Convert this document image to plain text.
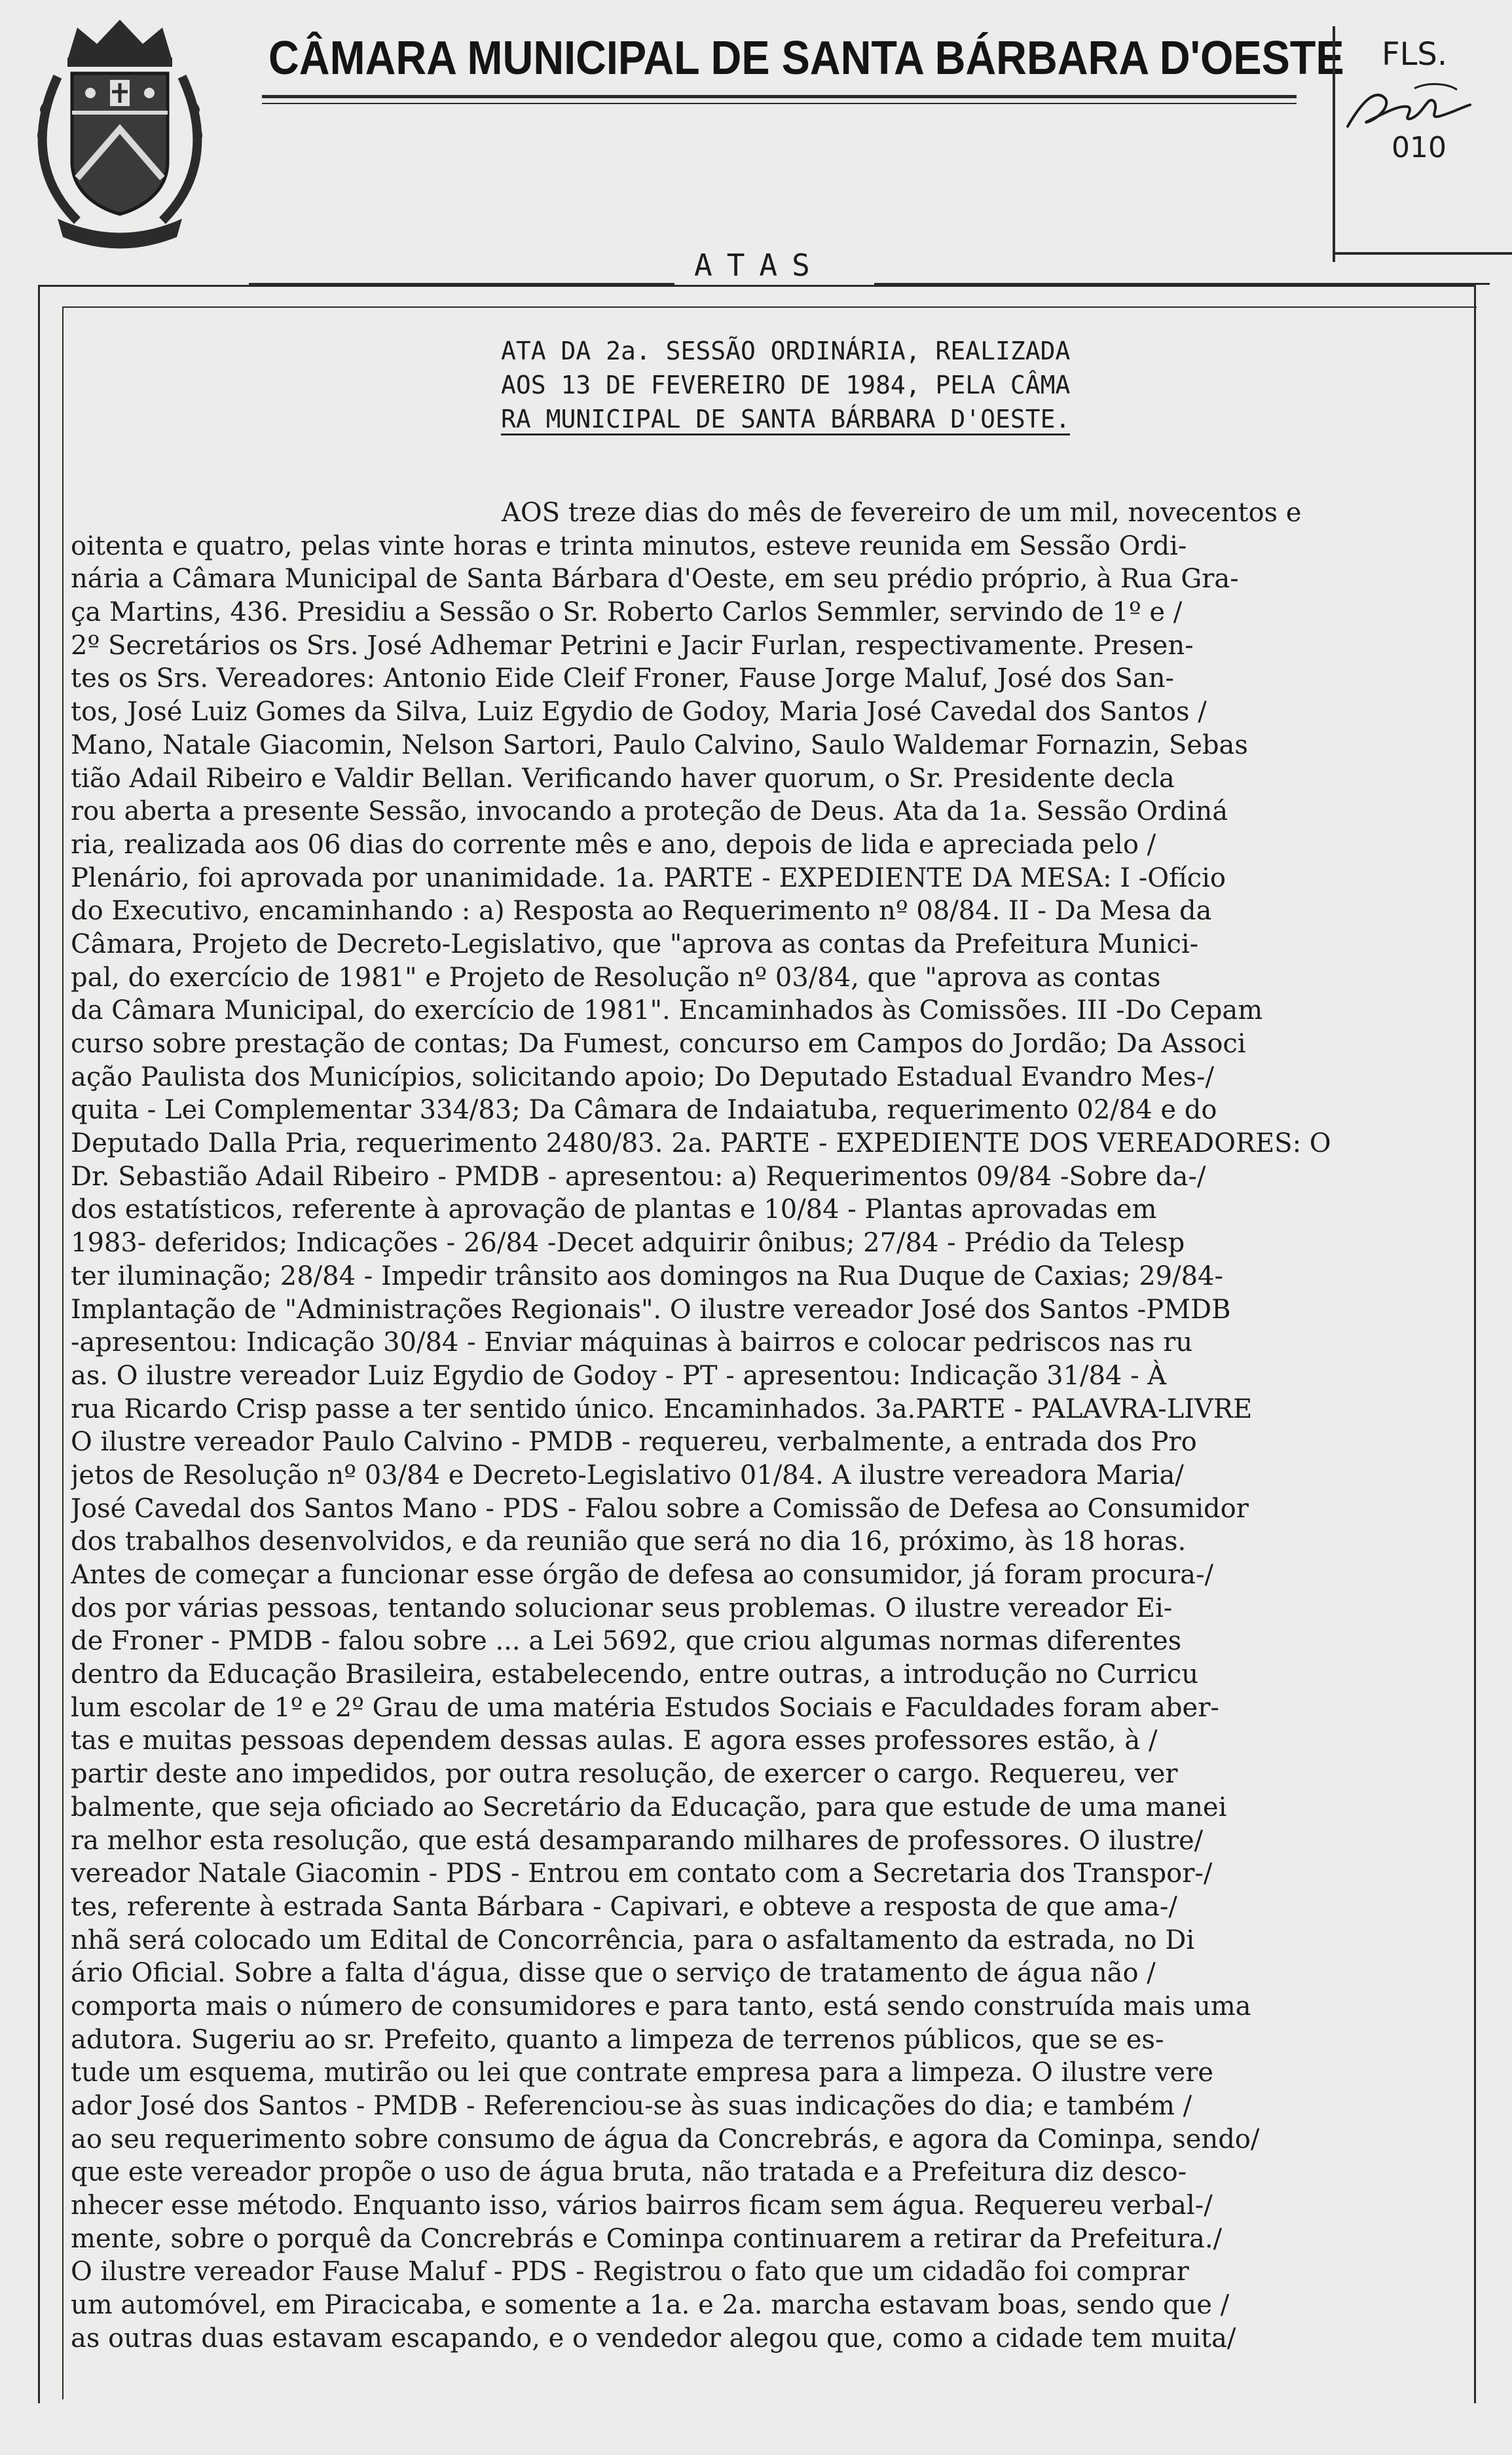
CÂMARA MUNICIPAL DE SANTA BÁRBARA D'OESTE FLS.
010
ATAS
ATA DA 2a. SESSÃO ORDINÁRIA, REALIZADA
AOS 13 DE FEVEREIRO DE 1984, PELA CÂMA
RA MUNICIPAL DE SANTA BÁRBARA D'OESTE.
AOS treze dias do mês de fevereiro de um mil, novecentos e
oitenta e quatro, pelas vinte horas e trinta minutos, esteve reunida em Sessão Ordi-
nária a Câmara Municipal de Santa Bárbara d'Oeste, em seu prédio próprio, à Rua Gra-
ça Martins, 436. Presidiu a Sessão o Sr. Roberto Carlos Semmler, servindo de 1º e /
2º Secretários os Srs. José Adhemar Petrini e Jacir Furlan, respectivamente. Presen-
tes os Srs. Vereadores: Antonio Eide Cleif Froner, Fause Jorge Maluf, José dos San-
tos, José Luiz Gomes da Silva, Luiz Egydio de Godoy, Maria José Cavedal dos Santos /
Mano, Natale Giacomin, Nelson Sartori, Paulo Calvino, Saulo Waldemar Fornazin, Sebas
tião Adail Ribeiro e Valdir Bellan. Verificando haver quorum, o Sr. Presidente decla
rou aberta a presente Sessão, invocando a proteção de Deus. Ata da 1a. Sessão Ordiná
ria, realizada aos 06 dias do corrente mês e ano, depois de lida e apreciada pelo /
Plenário, foi aprovada por unanimidade. 1a. PARTE - EXPEDIENTE DA MESA: I -Ofício
do Executivo, encaminhando : a) Resposta ao Requerimento nº 08/84. II - Da Mesa da
Câmara, Projeto de Decreto-Legislativo, que "aprova as contas da Prefeitura Munici-
pal, do exercício de 1981" e Projeto de Resolução nº 03/84, que "aprova as contas
da Câmara Municipal, do exercício de 1981". Encaminhados às Comissões. III -Do Cepam
curso sobre prestação de contas; Da Fumest, concurso em Campos do Jordão; Da Associ
ação Paulista dos Municípios, solicitando apoio; Do Deputado Estadual Evandro Mes-/
quita - Lei Complementar 334/83; Da Câmara de Indaiatuba, requerimento 02/84 e do
Deputado Dalla Pria, requerimento 2480/83. 2a. PARTE - EXPEDIENTE DOS VEREADORES: O
Dr. Sebastião Adail Ribeiro - PMDB - apresentou: a) Requerimentos 09/84 -Sobre da-/
dos estatísticos, referente à aprovação de plantas e 10/84 - Plantas aprovadas em
1983- deferidos; Indicações - 26/84 -Decet adquirir ônibus; 27/84 - Prédio da Telesp
ter iluminação; 28/84 - Impedir trânsito aos domingos na Rua Duque de Caxias; 29/84-
Implantação de "Administrações Regionais". O ilustre vereador José dos Santos -PMDB
-apresentou: Indicação 30/84 - Enviar máquinas à bairros e colocar pedriscos nas ru
as. O ilustre vereador Luiz Egydio de Godoy - PT - apresentou: Indicação 31/84 - À
rua Ricardo Crisp passe a ter sentido único. Encaminhados. 3a.PARTE - PALAVRA-LIVRE
O ilustre vereador Paulo Calvino - PMDB - requereu, verbalmente, a entrada dos Pro
jetos de Resolução nº 03/84 e Decreto-Legislativo 01/84. A ilustre vereadora Maria/
José Cavedal dos Santos Mano - PDS - Falou sobre a Comissão de Defesa ao Consumidor
dos trabalhos desenvolvidos, e da reunião que será no dia 16, próximo, às 18 horas.
Antes de começar a funcionar esse órgão de defesa ao consumidor, já foram procura-/
dos por várias pessoas, tentando solucionar seus problemas. O ilustre vereador Ei-
de Froner - PMDB - falou sobre ... a Lei 5692, que criou algumas normas diferentes
dentro da Educação Brasileira, estabelecendo, entre outras, a introdução no Curricu
lum escolar de 1º e 2º Grau de uma matéria Estudos Sociais e Faculdades foram aber-
tas e muitas pessoas dependem dessas aulas. E agora esses professores estão, à /
partir deste ano impedidos, por outra resolução, de exercer o cargo. Requereu, ver
balmente, que seja oficiado ao Secretário da Educação, para que estude de uma manei
ra melhor esta resolução, que está desamparando milhares de professores. O ilustre/
vereador Natale Giacomin - PDS - Entrou em contato com a Secretaria dos Transpor-/
tes, referente à estrada Santa Bárbara - Capivari, e obteve a resposta de que ama-/
nhã será colocado um Edital de Concorrência, para o asfaltamento da estrada, no Di
ário Oficial. Sobre a falta d'água, disse que o serviço de tratamento de água não /
comporta mais o número de consumidores e para tanto, está sendo construída mais uma
adutora. Sugeriu ao sr. Prefeito, quanto a limpeza de terrenos públicos, que se es-
tude um esquema, mutirão ou lei que contrate empresa para a limpeza. O ilustre vere
ador José dos Santos - PMDB - Referenciou-se às suas indicações do dia; e também /
ao seu requerimento sobre consumo de água da Concrebrás, e agora da Cominpa, sendo/
que este vereador propõe o uso de água bruta, não tratada e a Prefeitura diz desco-
nhecer esse método. Enquanto isso, vários bairros ficam sem água. Requereu verbal-/
mente, sobre o porquê da Concrebrás e Cominpa continuarem a retirar da Prefeitura./
O ilustre vereador Fause Maluf - PDS - Registrou o fato que um cidadão foi comprar
um automóvel, em Piracicaba, e somente a 1a. e 2a. marcha estavam boas, sendo que /
as outras duas estavam escapando, e o vendedor alegou que, como a cidade tem muita/
